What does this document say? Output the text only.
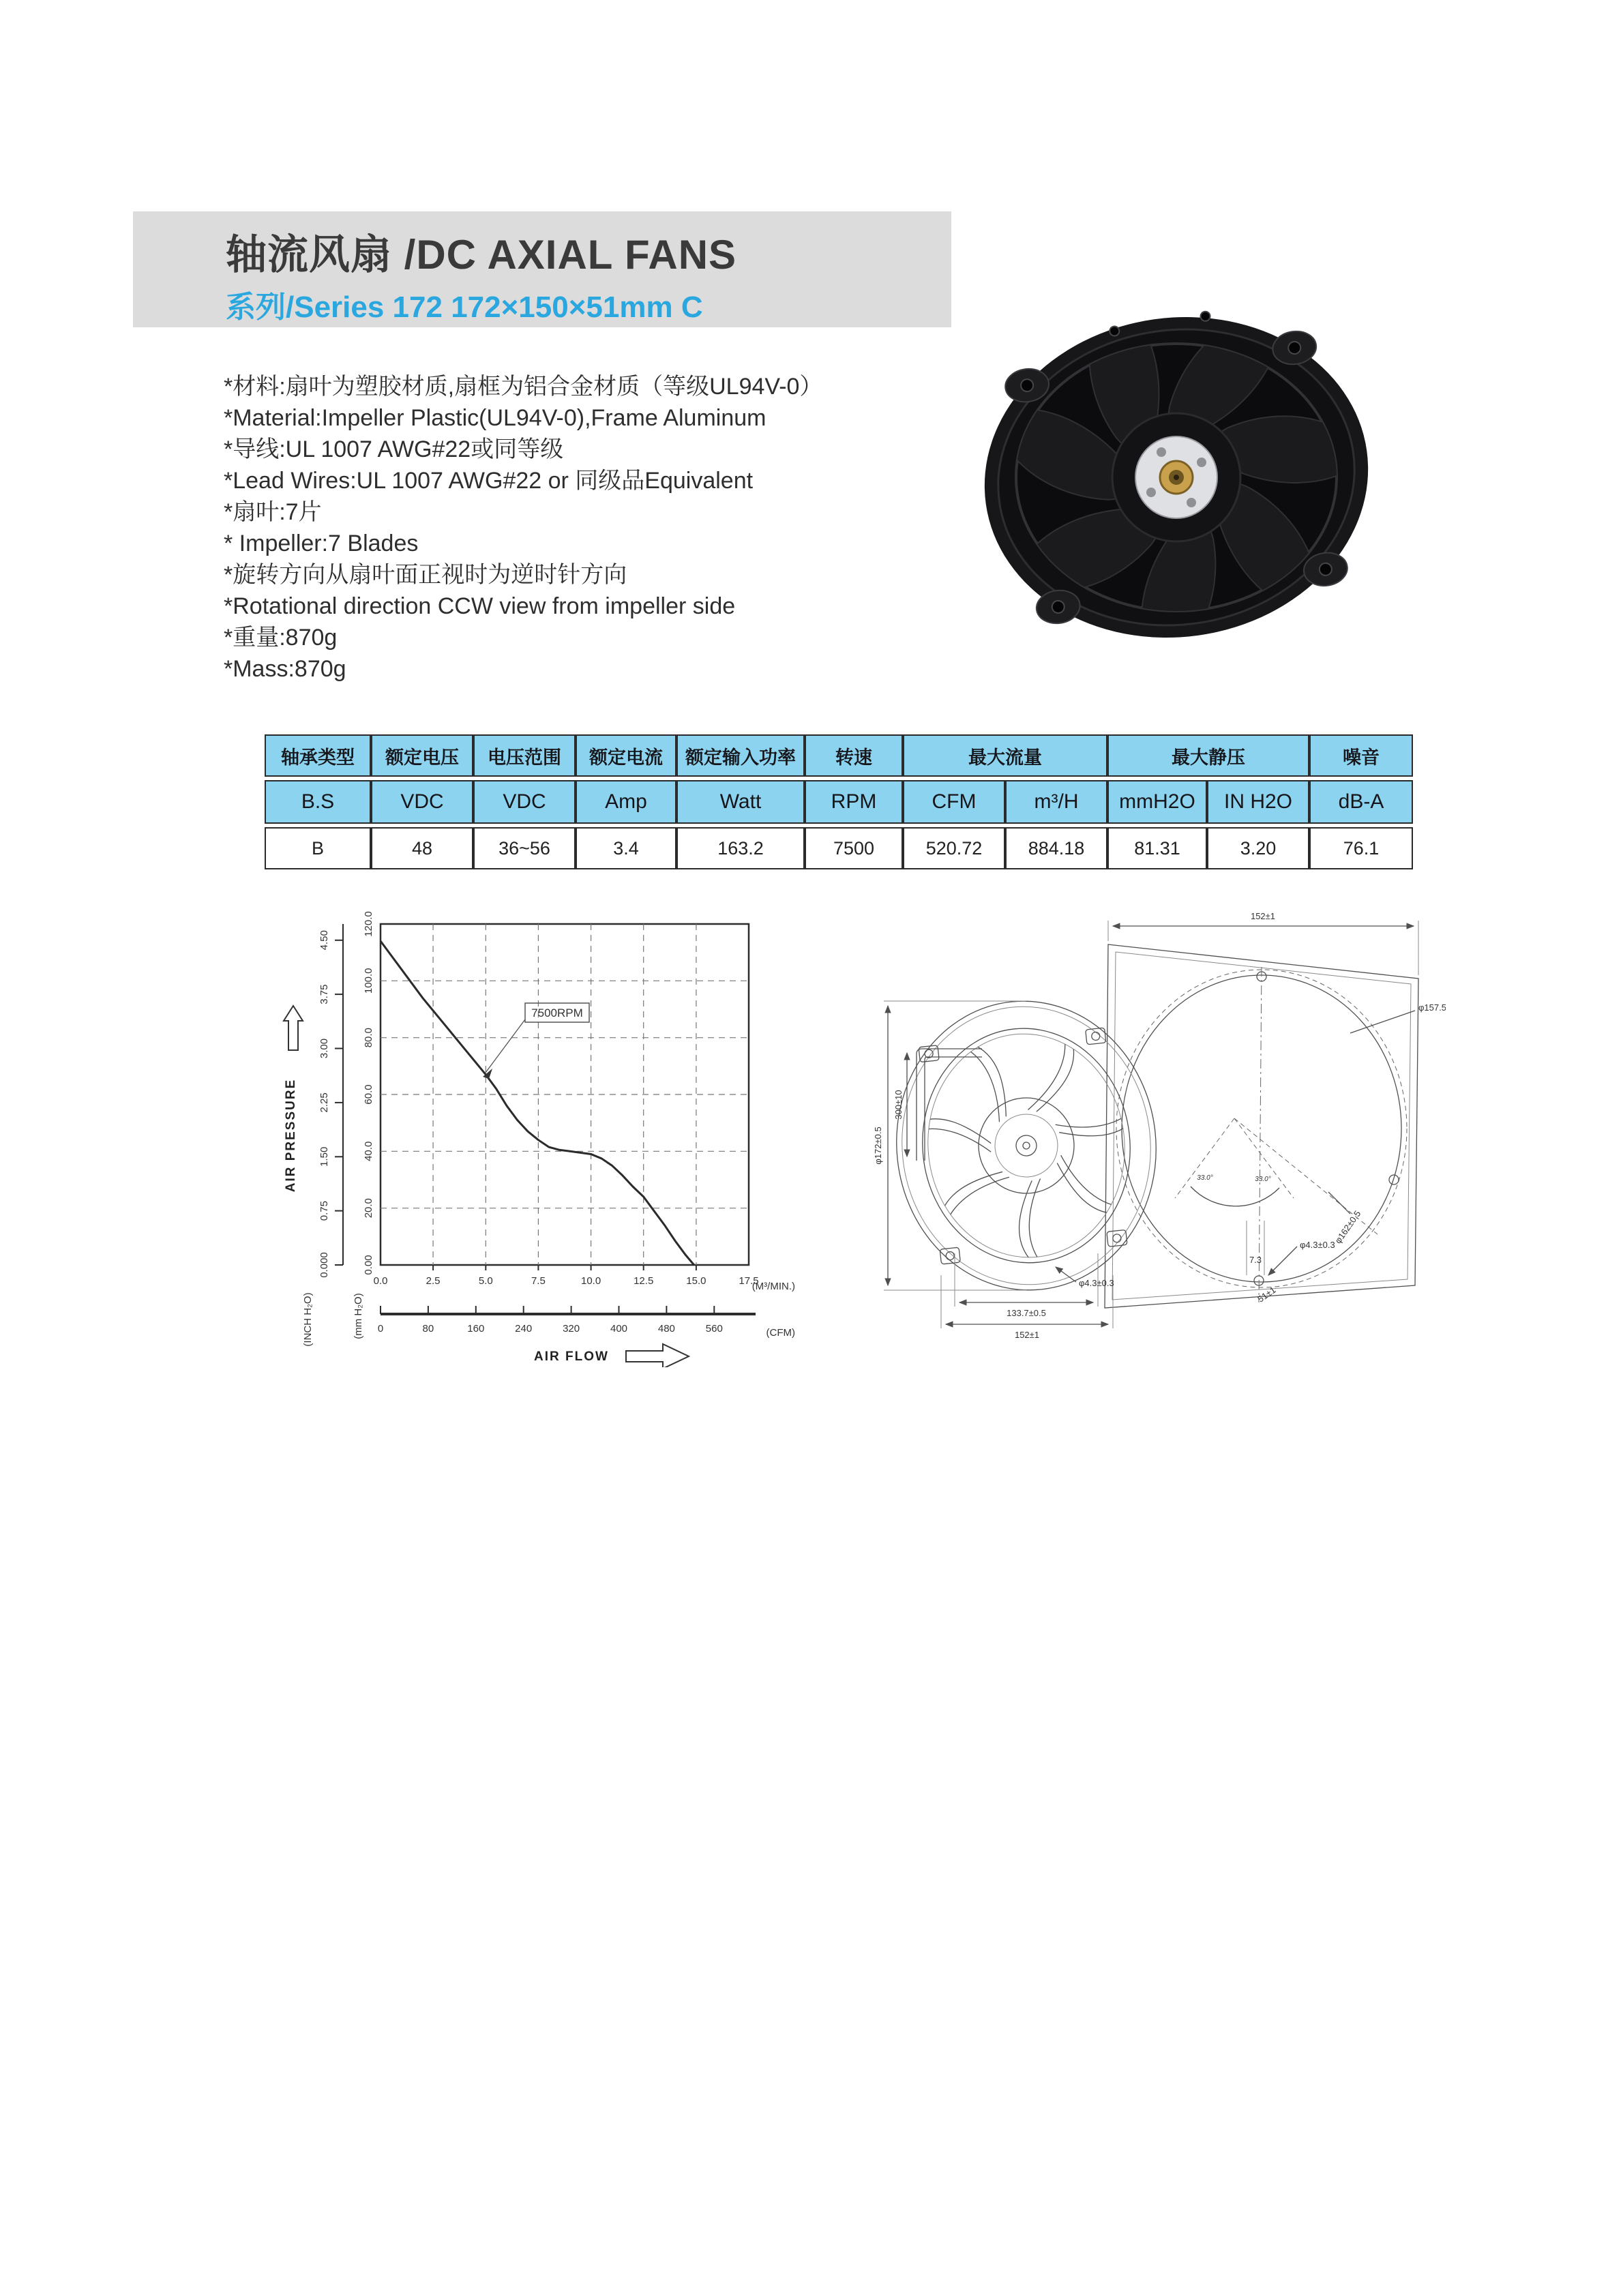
轴流风扇 /DC AXIAL FANS
系列/Series 172 172×150×51mm C
*材料:扇叶为塑胶材质,扇框为铝合金材质（等级UL94V-0）
*Material:Impeller Plastic(UL94V-0),Frame Aluminum
*导线:UL 1007 AWG#22或同等级
*Lead Wires:UL 1007 AWG#22 or 同级品Equivalent
*扇叶:7片
* Impeller:7 Blades
*旋转方向从扇叶面正视时为逆时针方向
*Rotational direction CCW view from impeller side
*重量:870g
*Mass:870g
轴承类型	额定电压	电压范围	额定电流	额定输入功率	转速	最大流量		最大静压		噪音
B.S	VDC	VDC	Amp	Watt	RPM	CFM	m³/H	mmH2O	IN H2O	dB-A
B	48	36~56	3.4	163.2	7500	520.72	884.18	81.31	3.20	76.1
AIR PRESSURE
0.000
0.75
1.50
2.25
3.00
3.75
4.50
(INCH H₂O)
0.00
20.0
40.0
60.0
80.0
100.0
120.0
(mm H₂O)
7500RPM
0.0	2.5	5.0	7.5	10.0	12.5	15.0	17.5
(M³/MIN.)
0	80	160	240	320	400	480	560	(CFM)
AIR FLOW
33.0°	33.0°
152±1
φ157.5
φ172±0.5
300±10
133.7±0.5
152±1
φ4.3±0.3
7.3
51±1
φ4.3±0.3
φ162±0.5
